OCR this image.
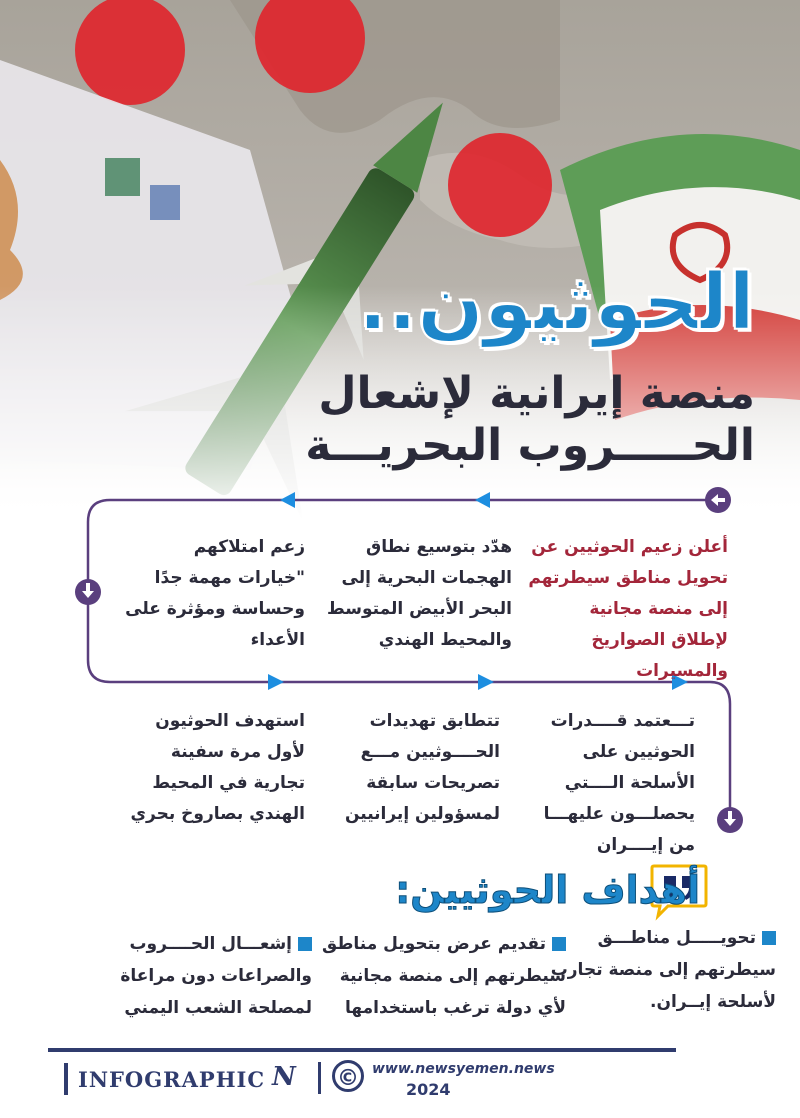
الحوثيون..
منصة إيرانية لإشعال
الحـــــروب البحريـــة
أعلن زعيم الحوثيين عن تحويل مناطق سيطرتهم إلى منصة مجانية لإطلاق الصواريخ والمسيرات
هدّد بتوسيع نطاق الهجمات البحرية إلى البحر الأبيض المتوسط والمحيط الهندي
زعم امتلاكهم "خيارات مهمة جدًا وحساسة ومؤثرة على الأعداء
تـــعتمد قــــدرات الحوثيين على الأسلحة الــــتي يحصلـــون عليهـــا من إيــــران
تتطابق تهديدات الحــــوثيين مـــع تصريحات سابقة لمسؤولين إيرانيين
استهدف الحوثيون لأول مرة سفينة تجارية في المحيط الهندي بصاروخ بحري
أهداف الحوثيين:
تحويـــــل مناطـــق سيطرتهم إلى منصة تجارب لأسلحة إيــران.
تقديم عرض بتحويل مناطق سيطرتهم إلى منصة مجانية لأي دولة ترغب باستخدامها
إشعـــال الحــــروب والصراعات دون مراعاة لمصلحة الشعب اليمني
INFOGRAPHIC N © www.newsyemen.news
2024
